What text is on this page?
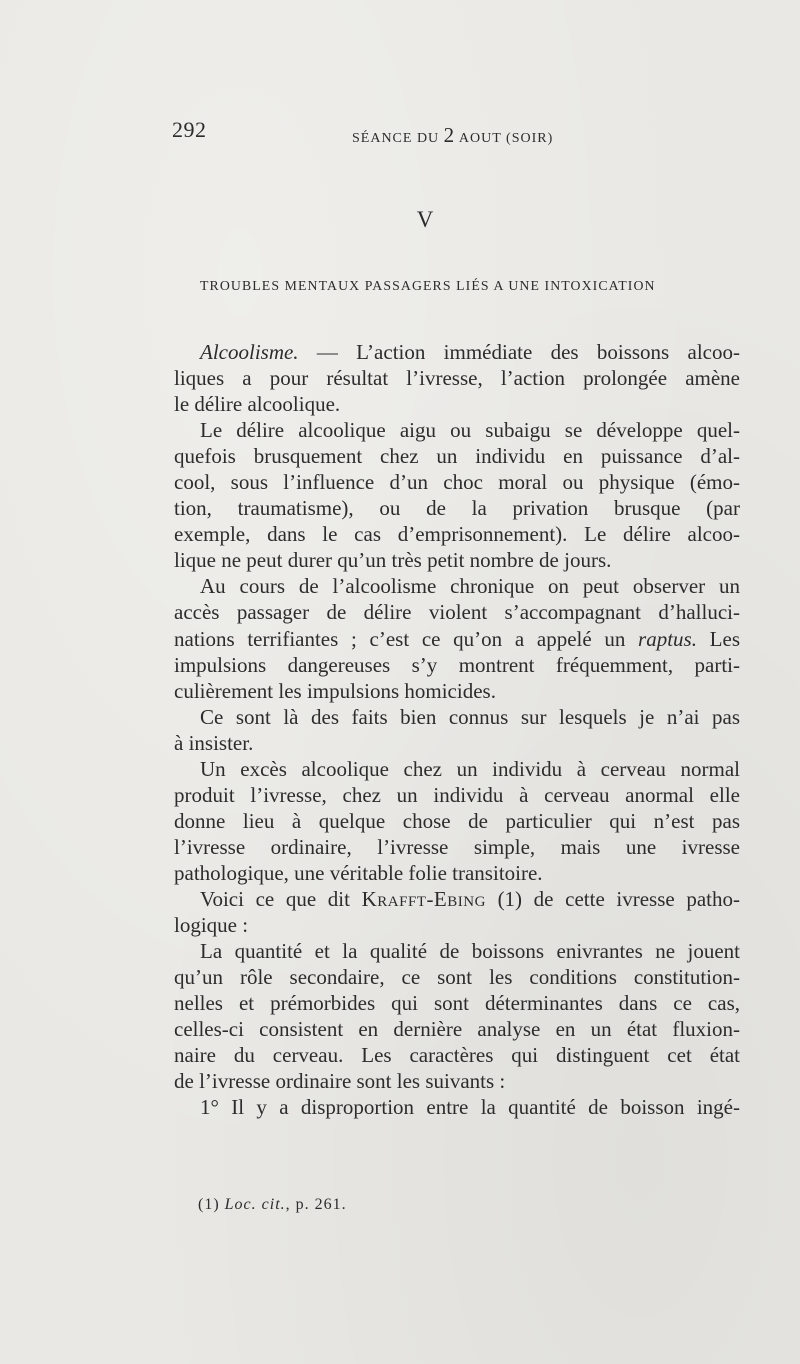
292	SÉANCE DU 2 AOUT (SOIR)
V
TROUBLES MENTAUX PASSAGERS LIÉS A UNE INTOXICATION
Alcoolisme. — L’action immédiate des boissons alcoo-
liques a pour résultat l’ivresse, l’action prolongée amène
le délire alcoolique.
Le délire alcoolique aigu ou subaigu se développe quel-
quefois brusquement chez un individu en puissance d’al-
cool, sous l’influence d’un choc moral ou physique (émo-
tion, traumatisme), ou de la privation brusque (par
exemple, dans le cas d’emprisonnement). Le délire alcoo-
lique ne peut durer qu’un très petit nombre de jours.
Au cours de l’alcoolisme chronique on peut observer un
accès passager de délire violent s’accompagnant d’halluci-
nations terrifiantes ; c’est ce qu’on a appelé un raptus. Les
impulsions dangereuses s’y montrent fréquemment, parti-
culièrement les impulsions homicides.
Ce sont là des faits bien connus sur lesquels je n’ai pas
à insister.
Un excès alcoolique chez un individu à cerveau normal
produit l’ivresse, chez un individu à cerveau anormal elle
donne lieu à quelque chose de particulier qui n’est pas
l’ivresse ordinaire, l’ivresse simple, mais une ivresse
pathologique, une véritable folie transitoire.
Voici ce que dit Krafft-Ebing (1) de cette ivresse patho-
logique :
La quantité et la qualité de boissons enivrantes ne jouent
qu’un rôle secondaire, ce sont les conditions constitution-
nelles et prémorbides qui sont déterminantes dans ce cas,
celles-ci consistent en dernière analyse en un état fluxion-
naire du cerveau. Les caractères qui distinguent cet état
de l’ivresse ordinaire sont les suivants :
1° Il y a disproportion entre la quantité de boisson ingé-
(1) Loc. cit., p. 261.
